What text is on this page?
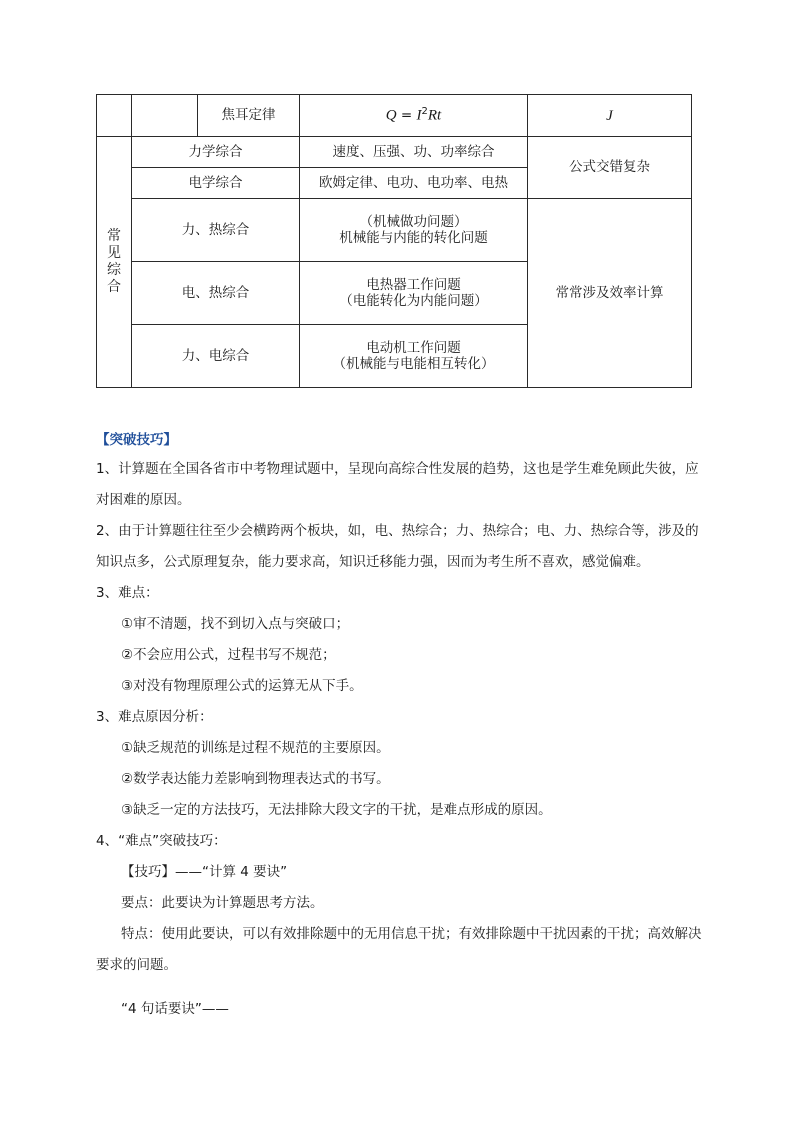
		焦耳定律	$Q = I^2Rt$	J

常
见
综
合	力学综合		速度、压强、功、功率综合	公式交错复杂
	电学综合		欧姆定律、电功、电功率、电热	
	力、热综合		（机械做功问题）
机械能与内能的转化问题	常常涉及效率计算
	电、热综合		电热器工作问题
（电能转化为内能问题）	

	力、电综合		电动机工作问题
（机械能与电能相互转化）	
【突破技巧】
1、计算题在全国各省市中考物理试题中，呈现向高综合性发展的趋势，这也是学生难免顾此失彼，应对困难的原因。
2、由于计算题往往至少会横跨两个板块，如，电、热综合；力、热综合；电、力、热综合等，涉及的知识点多，公式原理复杂，能力要求高，知识迁移能力强，因而为考生所不喜欢，感觉偏难。
3、难点：
①审不清题，找不到切入点与突破口；
②不会应用公式，过程书写不规范；
③对没有物理原理公式的运算无从下手。
3、难点原因分析：
①缺乏规范的训练是过程不规范的主要原因。
②数学表达能力差影响到物理表达式的书写。
③缺乏一定的方法技巧，无法排除大段文字的干扰，是难点形成的原因。
4、“难点”突破技巧：
【技巧】——“计算 4 要诀”
要点：此要诀为计算题思考方法。
特点：使用此要诀，可以有效排除题中的无用信息干扰；有效排除题中干扰因素的干扰；高效解决要求的问题。
“4 句话要诀”——
